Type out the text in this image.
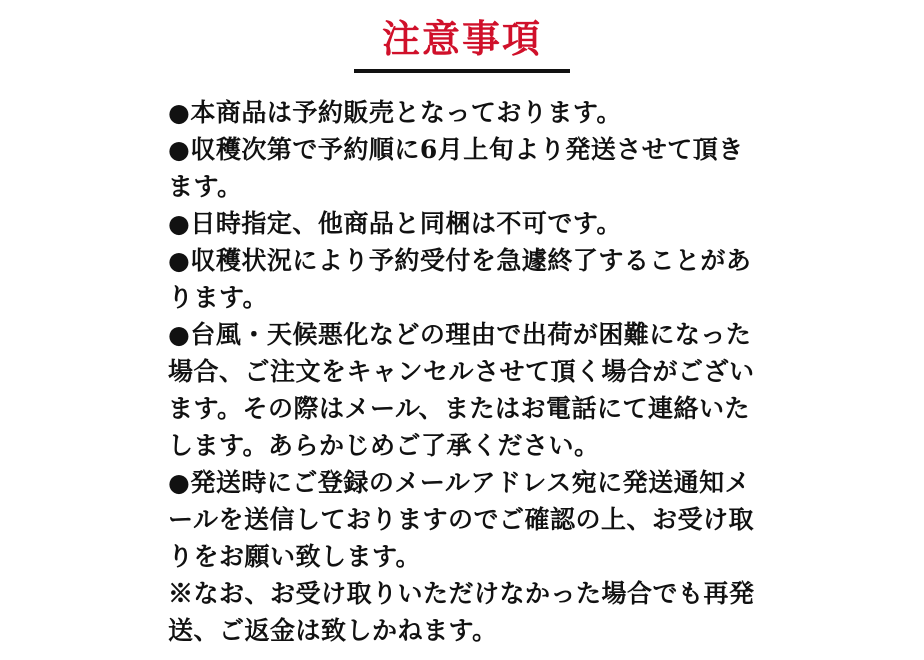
注意事項
●本商品は予約販売となっております。
●収穫次第で予約順に6月上旬より発送させて頂き
ます。
●日時指定、他商品と同梱は不可です。
●収穫状況により予約受付を急遽終了することがあ
ります。
●台風・天候悪化などの理由で出荷が困難になった
場合、ご注文をキャンセルさせて頂く場合がござい
ます。その際はメール、またはお電話にて連絡いた
します。あらかじめご了承ください。
●発送時にご登録のメールアドレス宛に発送通知メ
ールを送信しておりますのでご確認の上、お受け取
りをお願い致します。
※なお、お受け取りいただけなかった場合でも再発
送、ご返金は致しかねます。
